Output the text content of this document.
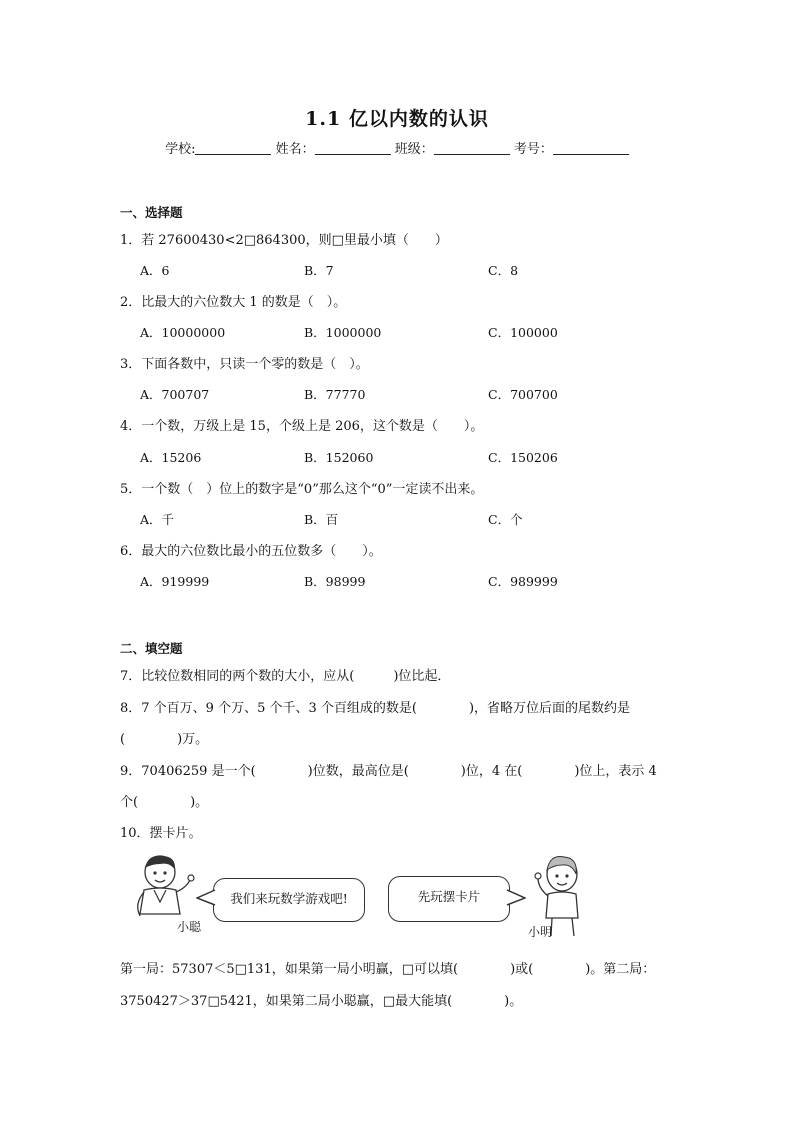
1.1 亿以内数的认识
学校:	姓名：	班级：	考号：
一、选择题
1．若 27600430<2□864300，则□里最小填（　　）
A．6	B．7	C．8
2．比最大的六位数大 1 的数是（　）。
A．10000000	B．1000000	C．100000
3．下面各数中，只读一个零的数是（　）。
A．700707	B．77770	C．700700
4．一个数，万级上是 15，个级上是 206，这个数是（　　）。
A．15206	B．152060	C．150206
5．一个数（　）位上的数字是“0”那么这个“0”一定读不出来。
A．千	B．百	C．个
6．最大的六位数比最小的五位数多（　　）。
A．919999	B．98999	C．989999
二、填空题
7．比较位数相同的两个数的大小，应从(　　　)位比起．
8．7 个百万、9 个万、5 个千、3 个百组成的数是(　　　　)，省略万位后面的尾数约是
(　　　　)万。
9．70406259 是一个(　　　　)位数，最高位是(　　　　)位，4 在(　　　　)位上，表示 4
个(　　　　)。
10．摆卡片。
小聪
我们来玩数学游戏吧!	先玩摆卡片
小明
第一局：57307＜5□131，如果第一局小明赢，□可以填(　　　　)或(　　　　)。第二局：
3750427＞37□5421，如果第二局小聪赢，□最大能填(　　　　)。
